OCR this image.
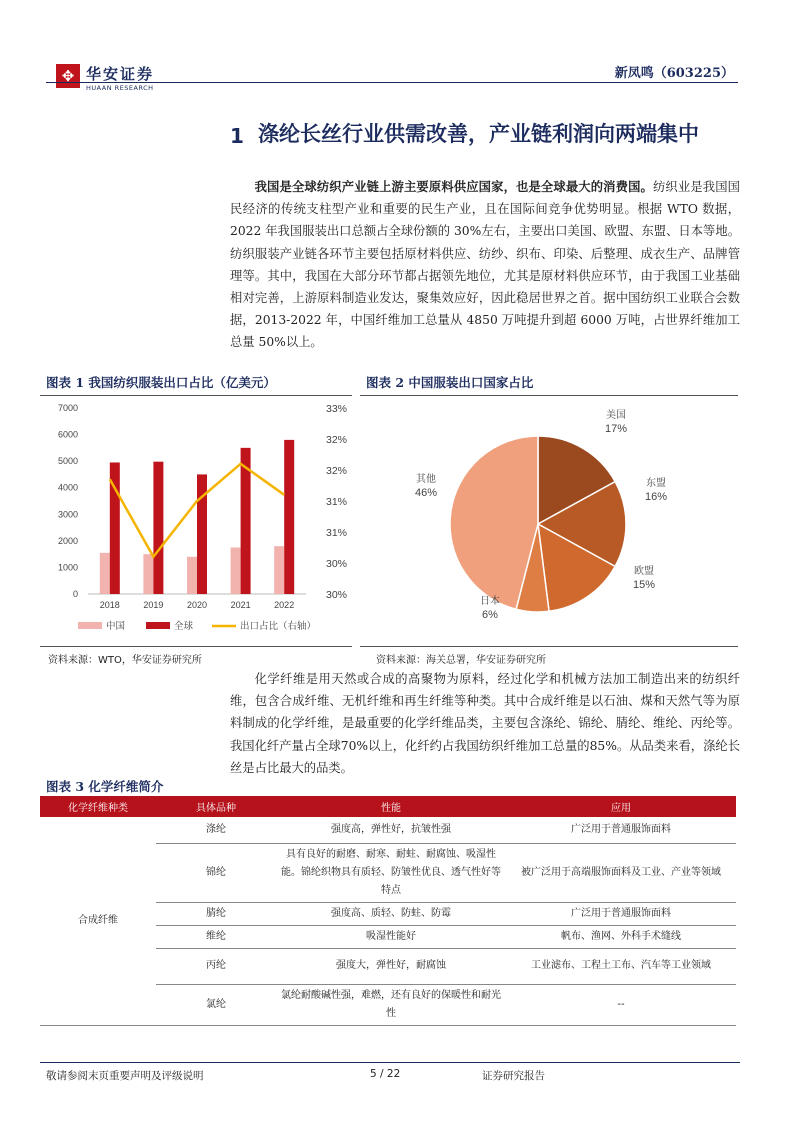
✥ 华安证券
HUAAN RESEARCH
新凤鸣（603225）
1 涤纶长丝行业供需改善，产业链利润向两端集中
我国是全球纺织产业链上游主要原料供应国家，也是全球最大的消费国。纺织业是我国国民经济的传统支柱型产业和重要的民生产业，且在国际间竞争优势明显。根据 WTO 数据，2022 年我国服装出口总额占全球份额的 30%左右，主要出口美国、欧盟、东盟、日本等地。纺织服装产业链各环节主要包括原材料供应、纺纱、织布、印染、后整理、成衣生产、品牌管理等。其中，我国在大部分环节都占据领先地位，尤其是原材料供应环节，由于我国工业基础相对完善，上游原料制造业发达，聚集效应好，因此稳居世界之首。据中国纺织工业联合会数据，2013-2022 年，中国纤维加工总量从 4850 万吨提升到超 6000 万吨，占世界纤维加工总量 50%以上。
图表 1 我国纺织服装出口占比（亿美元）	图表 2 中国服装出口国家占比
0
1000
2000
3000
4000
5000
6000
7000
30%
30%
31%
31%
32%
32%
33%
2018	2019	2020	2021	2022
中国	全球	出口占比（右轴）
美国
17%
东盟
16%
欧盟
15%
日本
6%
其他
46%
资料来源：WTO，华安证券研究所	资料来源：海关总署，华安证券研究所
化学纤维是用天然或合成的高聚物为原料，经过化学和机械方法加工制造出来的纺织纤维，包含合成纤维、无机纤维和再生纤维等种类。其中合成纤维是以石油、煤和天然气等为原料制成的化学纤维，是最重要的化学纤维品类，主要包含涤纶、锦纶、腈纶、维纶、丙纶等。我国化纤产量占全球70%以上，化纤约占我国纺织纤维加工总量的85%。从品类来看，涤纶长丝是占比最大的品类。
图表 3 化学纤维简介
化学纤维种类	具体品种	性能	应用
合成纤维	涤纶	强度高，弹性好，抗皱性强	广泛用于普通服饰面料
	锦纶	具有良好的耐磨、耐寒、耐蛀、耐腐蚀、吸湿性能。锦纶织物具有质轻、防皱性优良、透气性好等特点	被广泛用于高端服饰面料及工业、产业等领域
	腈纶	强度高、质轻、防蛀、防霉	广泛用于普通服饰面料
	维纶	吸湿性能好	帆布、渔网、外科手术缝线
	丙纶	强度大，弹性好，耐腐蚀	工业滤布、工程土工布、汽车等工业领域
	氯纶	氯纶耐酸碱性强，难燃，还有良好的保暖性和耐光性	--
敬请参阅末页重要声明及评级说明	5 / 22	证券研究报告
